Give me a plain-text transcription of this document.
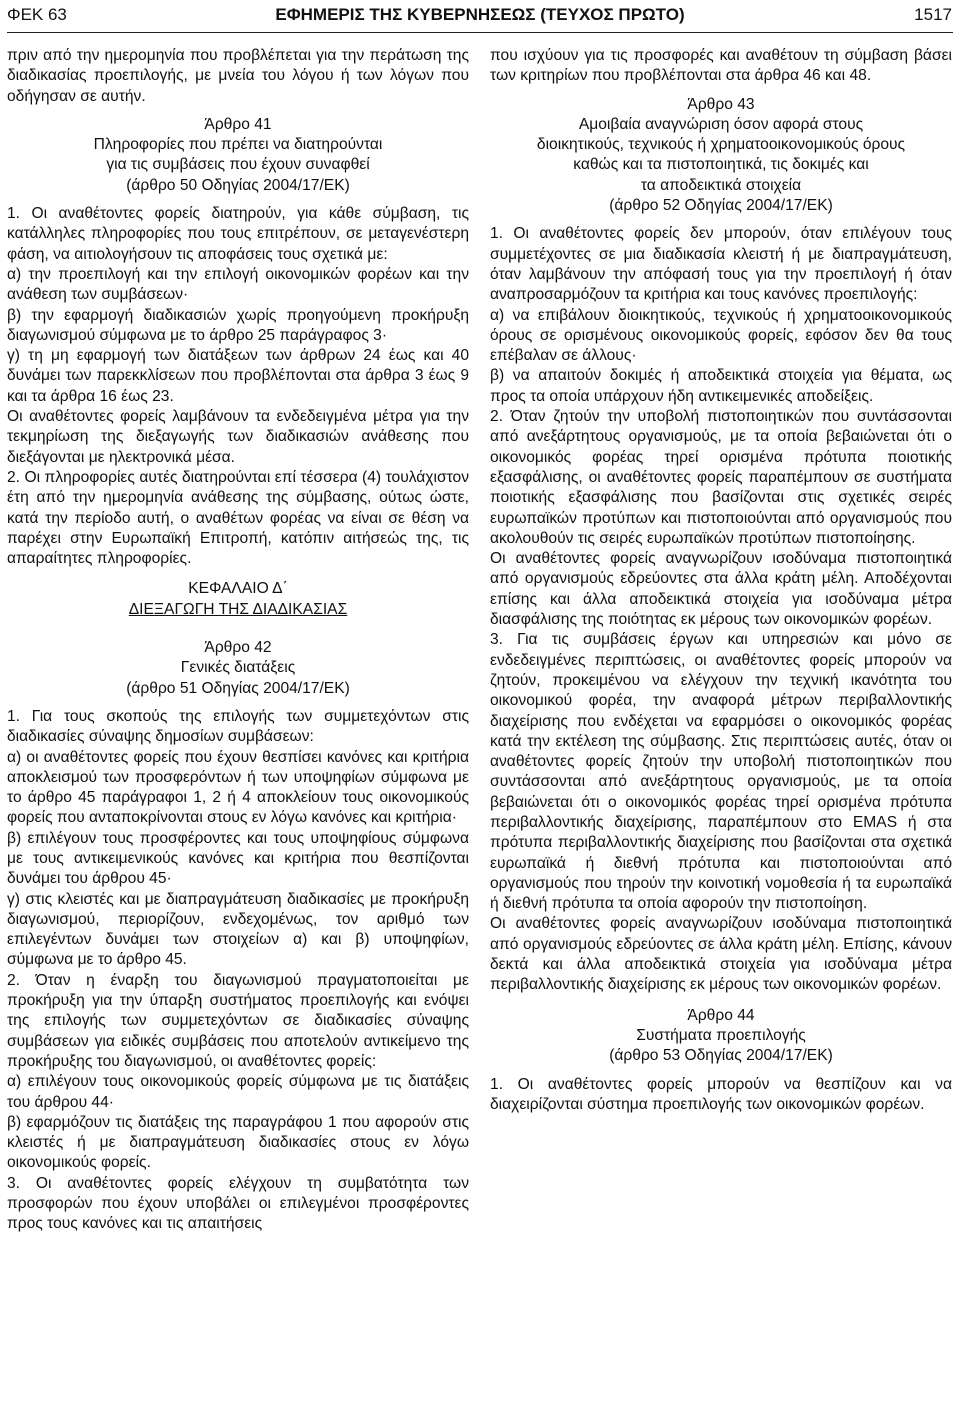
ΦΕΚ 63	ΕΦΗΜΕΡΙΣ ΤΗΣ ΚΥΒΕΡΝΗΣΕΩΣ (ΤΕΥΧΟΣ ΠΡΩΤΟ)	1517

πριν από την ημερομηνία που προβλέπεται για την περάτωση της διαδικασίας προεπιλογής, με μνεία του λόγου ή των λόγων που οδήγησαν σε αυτήν.

Άρθρο 41

Πληροφορίες που πρέπει να διατηρούνται

για τις συμβάσεις που έχουν συναφθεί

(άρθρο 50 Οδηγίας 2004/17/ΕΚ)

1. Οι αναθέτοντες φορείς διατηρούν, για κάθε σύμβαση, τις κατάλληλες πληροφορίες που τους επιτρέπουν, σε μεταγενέστερη φάση, να αιτιολογήσουν τις αποφάσεις τους σχετικά με:

α) την προεπιλογή και την επιλογή οικονομικών φορέων και την ανάθεση των συμβάσεων·

β) την εφαρμογή διαδικασιών χωρίς προηγούμενη προκήρυξη διαγωνισμού σύμφωνα με το άρθρο 25 παράγραφος 3·

γ) τη μη εφαρμογή των διατάξεων των άρθρων 24 έως και 40 δυνάμει των παρεκκλίσεων που προβλέπονται στα άρθρα 3 έως 9 και τα άρθρα 16 έως 23.

Οι αναθέτοντες φορείς λαμβάνουν τα ενδεδειγμένα μέτρα για την τεκμηρίωση της διεξαγωγής των διαδικασιών ανάθεσης που διεξάγονται με ηλεκτρονικά μέσα.

2. Οι πληροφορίες αυτές διατηρούνται επί τέσσερα (4) τουλάχιστον έτη από την ημερομηνία ανάθεσης της σύμβασης, ούτως ώστε, κατά την περίοδο αυτή, ο αναθέτων φορέας να είναι σε θέση να παρέχει στην Ευρωπαϊκή Επιτροπή, κατόπιν αιτήσεώς της, τις απαραίτητες πληροφορίες.

ΚΕΦΑΛΑΙΟ Δ΄

ΔΙΕΞΑΓΩΓΗ ΤΗΣ ΔΙΑΔΙΚΑΣΙΑΣ

Άρθρο 42

Γενικές διατάξεις

(άρθρο 51 Οδηγίας 2004/17/ΕΚ)

1. Για τους σκοπούς της επιλογής των συμμετεχόντων στις διαδικασίες σύναψης δημοσίων συμβάσεων:

α) οι αναθέτοντες φορείς που έχουν θεσπίσει κανόνες και κριτήρια αποκλεισμού των προσφερόντων ή των υποψηφίων σύμφωνα με το άρθρο 45 παράγραφοι 1, 2 ή 4 αποκλείουν τους οικονομικούς φορείς που ανταποκρίνονται στους εν λόγω κανόνες και κριτήρια·

β) επιλέγουν τους προσφέροντες και τους υποψηφίους σύμφωνα με τους αντικειμενικούς κανόνες και κριτήρια που θεσπίζονται δυνάμει του άρθρου 45·

γ) στις κλειστές και με διαπραγμάτευση διαδικασίες με προκήρυξη διαγωνισμού, περιορίζουν, ενδεχομένως, τον αριθμό των επιλεγέντων δυνάμει των στοιχείων α) και β) υποψηφίων, σύμφωνα με το άρθρο 45.

2. Όταν η έναρξη του διαγωνισμού πραγματοποιείται με προκήρυξη για την ύπαρξη συστήματος προεπιλογής και ενόψει της επιλογής των συμμετεχόντων σε διαδικασίες σύναψης συμβάσεων για ειδικές συμβάσεις που αποτελούν αντικείμενο της προκήρυξης του διαγωνισμού, οι αναθέτοντες φορείς:

α) επιλέγουν τους οικονομικούς φορείς σύμφωνα με τις διατάξεις του άρθρου 44·

β) εφαρμόζουν τις διατάξεις της παραγράφου 1 που αφορούν στις κλειστές ή με διαπραγμάτευση διαδικασίες στους εν λόγω οικονομικούς φορείς.

3. Οι αναθέτοντες φορείς ελέγχουν τη συμβατότητα των προσφορών που έχουν υποβάλει οι επιλεγμένοι προσφέροντες προς τους κανόνες και τις απαιτήσεις

που ισχύουν για τις προσφορές και αναθέτουν τη σύμβαση βάσει των κριτηρίων που προβλέπονται στα άρθρα 46 και 48.

Άρθρο 43

Αμοιβαία αναγνώριση όσον αφορά στους

διοικητικούς, τεχνικούς ή χρηματοοικονομικούς όρους

καθώς και τα πιστοποιητικά, τις δοκιμές και

τα αποδεικτικά στοιχεία

(άρθρο 52 Οδηγίας 2004/17/ΕΚ)

1. Οι αναθέτοντες φορείς δεν μπορούν, όταν επιλέγουν τους συμμετέχοντες σε μια διαδικασία κλειστή ή με διαπραγμάτευση, όταν λαμβάνουν την απόφασή τους για την προεπιλογή ή όταν αναπροσαρμόζουν τα κριτήρια και τους κανόνες προεπιλογής:

α) να επιβάλουν διοικητικούς, τεχνικούς ή χρηματοοικονομικούς όρους σε ορισμένους οικονομικούς φορείς, εφόσον δεν θα τους επέβαλαν σε άλλους·

β) να απαιτούν δοκιμές ή αποδεικτικά στοιχεία για θέματα, ως προς τα οποία υπάρχουν ήδη αντικειμενικές αποδείξεις.

2. Όταν ζητούν την υποβολή πιστοποιητικών που συντάσσονται από ανεξάρτητους οργανισμούς, με τα οποία βεβαιώνεται ότι ο οικονομικός φορέας τηρεί ορισμένα πρότυπα ποιοτικής εξασφάλισης, οι αναθέτοντες φορείς παραπέμπουν σε συστήματα ποιοτικής εξασφάλισης που βασίζονται στις σχετικές σειρές ευρωπαϊκών προτύπων και πιστοποιούνται από οργανισμούς που ακολουθούν τις σειρές ευρωπαϊκών προτύπων πιστοποίησης.

Οι αναθέτοντες φορείς αναγνωρίζουν ισοδύναμα πιστοποιητικά από οργανισμούς εδρεύοντες στα άλλα κράτη μέλη. Αποδέχονται επίσης και άλλα αποδεικτικά στοιχεία για ισοδύναμα μέτρα διασφάλισης της ποιότητας εκ μέρους των οικονομικών φορέων.

3. Για τις συμβάσεις έργων και υπηρεσιών και μόνο σε ενδεδειγμένες περιπτώσεις, οι αναθέτοντες φορείς μπορούν να ζητούν, προκειμένου να ελέγχουν την τεχνική ικανότητα του οικονομικού φορέα, την αναφορά μέτρων περιβαλλοντικής διαχείρισης που ενδέχεται να εφαρμόσει ο οικονομικός φορέας κατά την εκτέλεση της σύμβασης. Στις περιπτώσεις αυτές, όταν οι αναθέτοντες φορείς ζητούν την υποβολή πιστοποιητικών που συντάσσονται από ανεξάρτητους οργανισμούς, με τα οποία βεβαιώνεται ότι ο οικονομικός φορέας τηρεί ορισμένα πρότυπα περιβαλλοντικής διαχείρισης, παραπέμπουν στο EMAS ή στα πρότυπα περιβαλλοντικής διαχείρισης που βασίζονται στα σχετικά ευρωπαϊκά ή διεθνή πρότυπα και πιστοποιούνται από οργανισμούς που τηρούν την κοινοτική νομοθεσία ή τα ευρωπαϊκά ή διεθνή πρότυπα τα οποία αφορούν την πιστοποίηση.

Οι αναθέτοντες φορείς αναγνωρίζουν ισοδύναμα πιστοποιητικά από οργανισμούς εδρεύοντες σε άλλα κράτη μέλη. Επίσης, κάνουν δεκτά και άλλα αποδεικτικά στοιχεία για ισοδύναμα μέτρα περιβαλλοντικής διαχείρισης εκ μέρους των οικονομικών φορέων.

Άρθρο 44

Συστήματα προεπιλογής

(άρθρο 53 Οδηγίας 2004/17/ΕΚ)

1. Οι αναθέτοντες φορείς μπορούν να θεσπίζουν και να διαχειρίζονται σύστημα προεπιλογής των οικονομικών φορέων.
